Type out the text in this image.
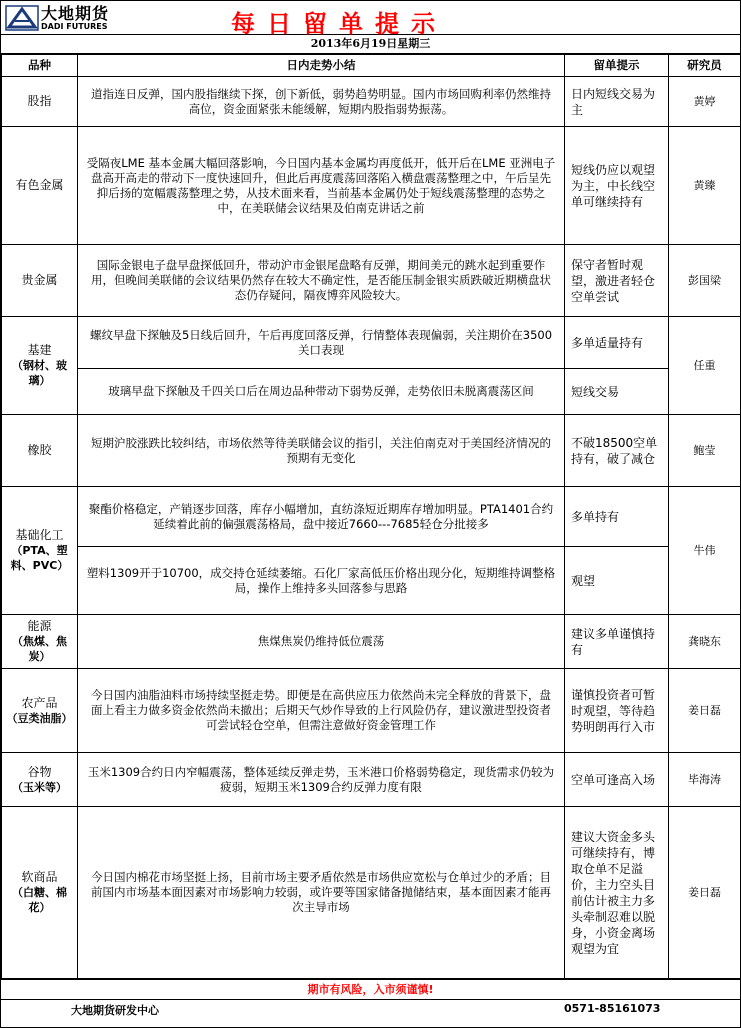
大地期货
DADI FUTURES	每日留单提示
2013年6月19日星期三
品种	日内走势小结	留单提示	研究员

股指	道指连日反弹，国内股指继续下探，创下新低，弱势趋势明显。国内市场回购利率仍然维持高位，资金面紧张未能缓解，短期内股指弱势振荡。	日内短线交易为主	黄婷

有色金属	受隔夜LME 基本金属大幅回落影响，今日国内基本金属均再度低开，低开后在LME 亚洲电子盘高开高走的带动下一度快速回升，但此后再度震荡回落陷入横盘震荡整理之中，午后呈先抑后扬的宽幅震荡整理之势，从技术面来看，当前基本金属仍处于短线震荡整理的态势之中，在美联储会议结果及伯南克讲话之前	短线仍应以观望为主，中长线空单可继续持有	黄臻

贵金属	国际金银电子盘早盘探低回升，带动沪市金银尾盘略有反弹，期间美元的跳水起到重要作用，但晚间美联储的会议结果仍然存在较大不确定性，是否能压制金银实质跌破近期横盘状态仍存疑问，隔夜博弈风险较大。	保守者暂时观望，激进者轻仓空单尝试	彭国梁

基建
（钢材、玻璃）	螺纹早盘下探触及5日线后回升，午后再度回落反弹，行情整体表现偏弱，关注期价在3500关口表现	多单适量持有	任重
	玻璃早盘下探触及千四关口后在周边品种带动下弱势反弹，走势依旧未脱离震荡区间	短线交易	

橡胶	短期沪胶涨跌比较纠结，市场依然等待美联储会议的指引，关注伯南克对于美国经济情况的预期有无变化	不破18500空单持有，破了减仓	鲍莹

基础化工
（PTA、塑料、PVC）	聚酯价格稳定，产销逐步回落，库存小幅增加，直纺涤短近期库存增加明显。PTA1401合约延续着此前的偏强震荡格局，盘中接近7660---7685轻仓分批接多	多单持有	牛伟
	塑料1309开于10700，成交持仓延续萎缩。石化厂家高低压价格出现分化，短期维持调整格局，操作上维持多头回落参与思路	观望	

能源
（焦煤、焦炭）	焦煤焦炭仍维持低位震荡	建议多单谨慎持有	龚晓东

农产品
（豆类油脂）	今日国内油脂油料市场持续坚挺走势。即便是在高供应压力依然尚未完全释放的背景下，盘面上看主力做多资金依然尚未撤出；后期天气炒作导致的上行风险仍存，建议激进型投资者可尝试轻仓空单，但需注意做好资金管理工作	谨慎投资者可暂时观望，等待趋势明朗再行入市	姜日磊

谷物
（玉米等）	玉米1309合约日内窄幅震荡，整体延续反弹走势，玉米港口价格弱势稳定，现货需求仍较为疲弱，短期玉米1309合约反弹力度有限	空单可逢高入场	毕海涛

软商品
（白糖、棉花）	今日国内棉花市场坚挺上扬，目前市场主要矛盾依然是市场供应宽松与仓单过少的矛盾；目前国内市场基本面因素对市场影响力较弱，或许要等国家储备抛储结束，基本面因素才能再次主导市场	建议大资金多头可继续持有，博取仓单不足溢价，主力空头目前估计被主力多头牵制忍难以脱身，小资金离场观望为宜	姜日磊
期市有风险，入市须谨慎!
大地期货研发中心	0571-85161073
